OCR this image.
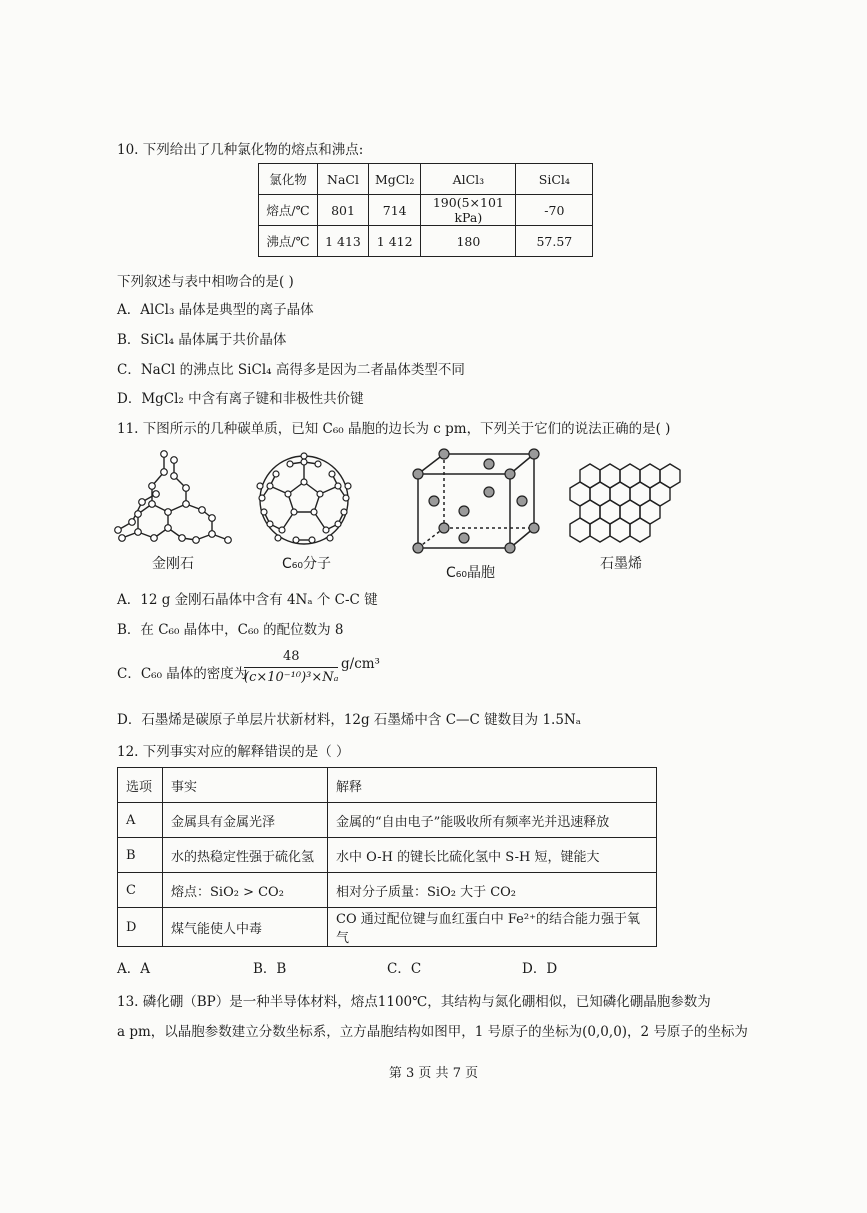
10. 下列给出了几种氯化物的熔点和沸点:
氯化物	NaCl	MgCl₂	AlCl₃	SiCl₄
熔点/℃	801	714	190(5×101 kPa)	-70
沸点/℃	1 413	1 412	180	57.57
下列叙述与表中相吻合的是( )
A．AlCl₃ 晶体是典型的离子晶体
B．SiCl₄ 晶体属于共价晶体
C．NaCl 的沸点比 SiCl₄ 高得多是因为二者晶体类型不同
D．MgCl₂ 中含有离子键和非极性共价键
11. 下图所示的几种碳单质，已知 C₆₀ 晶胞的边长为 c pm，下列关于它们的说法正确的是( )
金刚石	C₆₀分子
C₆₀晶胞
石墨烯
A．12 g 金刚石晶体中含有 4Nₐ 个 C-C 键
B．在 C₆₀ 晶体中，C₆₀ 的配位数为 8
C．C₆₀ 晶体的密度为
48
(c×10⁻¹⁰)³×Nₐ
g/cm³
D．石墨烯是碳原子单层片状新材料，12g 石墨烯中含 C—C 键数目为 1.5Nₐ
12. 下列事实对应的解释错误的是（ ）
选项	事实	解释
A	金属具有金属光泽	金属的“自由电子”能吸收所有频率光并迅速释放
B	水的热稳定性强于硫化氢	水中 O-H 的键长比硫化氢中 S-H 短，键能大
C	熔点：SiO₂ > CO₂	相对分子质量：SiO₂ 大于 CO₂
D	煤气能使人中毒	CO 通过配位键与血红蛋白中 Fe²⁺的结合能力强于氧气
A．A	B．B	C．C	D．D
13. 磷化硼（BP）是一种半导体材料，熔点1100℃，其结构与氮化硼相似，已知磷化硼晶胞参数为
a pm，以晶胞参数建立分数坐标系，立方晶胞结构如图甲，1 号原子的坐标为(0,0,0)，2 号原子的坐标为
第 3 页 共 7 页
